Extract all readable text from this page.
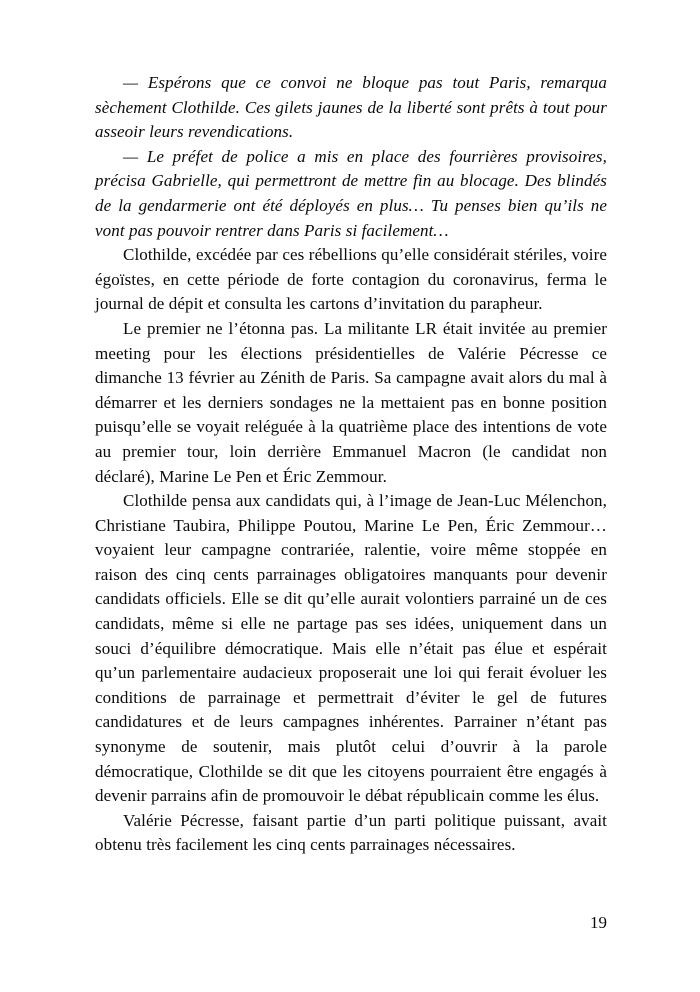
— Espérons que ce convoi ne bloque pas tout Paris, remarqua sèchement Clothilde. Ces gilets jaunes de la liberté sont prêts à tout pour asseoir leurs revendications.

— Le préfet de police a mis en place des fourrières provisoires, précisa Gabrielle, qui permettront de mettre fin au blocage. Des blindés de la gendarmerie ont été déployés en plus… Tu penses bien qu’ils ne vont pas pouvoir rentrer dans Paris si facilement…

Clothilde, excédée par ces rébellions qu’elle considérait stériles, voire égoïstes, en cette période de forte contagion du coronavirus, ferma le journal de dépit et consulta les cartons d’invitation du parapheur.

Le premier ne l’étonna pas. La militante LR était invitée au premier meeting pour les élections présidentielles de Valérie Pécresse ce dimanche 13 février au Zénith de Paris. Sa campagne avait alors du mal à démarrer et les derniers sondages ne la mettaient pas en bonne position puisqu’elle se voyait reléguée à la quatrième place des intentions de vote au premier tour, loin derrière Emmanuel Macron (le candidat non déclaré), Marine Le Pen et Éric Zemmour.

Clothilde pensa aux candidats qui, à l’image de Jean-Luc Mélenchon, Christiane Taubira, Philippe Poutou, Marine Le Pen, Éric Zemmour… voyaient leur campagne contrariée, ralentie, voire même stoppée en raison des cinq cents parrainages obligatoires manquants pour devenir candidats officiels. Elle se dit qu’elle aurait volontiers parrainé un de ces candidats, même si elle ne partage pas ses idées, uniquement dans un souci d’équilibre démocratique. Mais elle n’était pas élue et espérait qu’un parlementaire audacieux proposerait une loi qui ferait évoluer les conditions de parrainage et permettrait d’éviter le gel de futures candidatures et de leurs campagnes inhérentes. Parrainer n’étant pas synonyme de soutenir, mais plutôt celui d’ouvrir à la parole démocratique, Clothilde se dit que les citoyens pourraient être engagés à devenir parrains afin de promouvoir le débat républicain comme les élus.

Valérie Pécresse, faisant partie d’un parti politique puissant, avait obtenu très facilement les cinq cents parrainages nécessaires.

19
